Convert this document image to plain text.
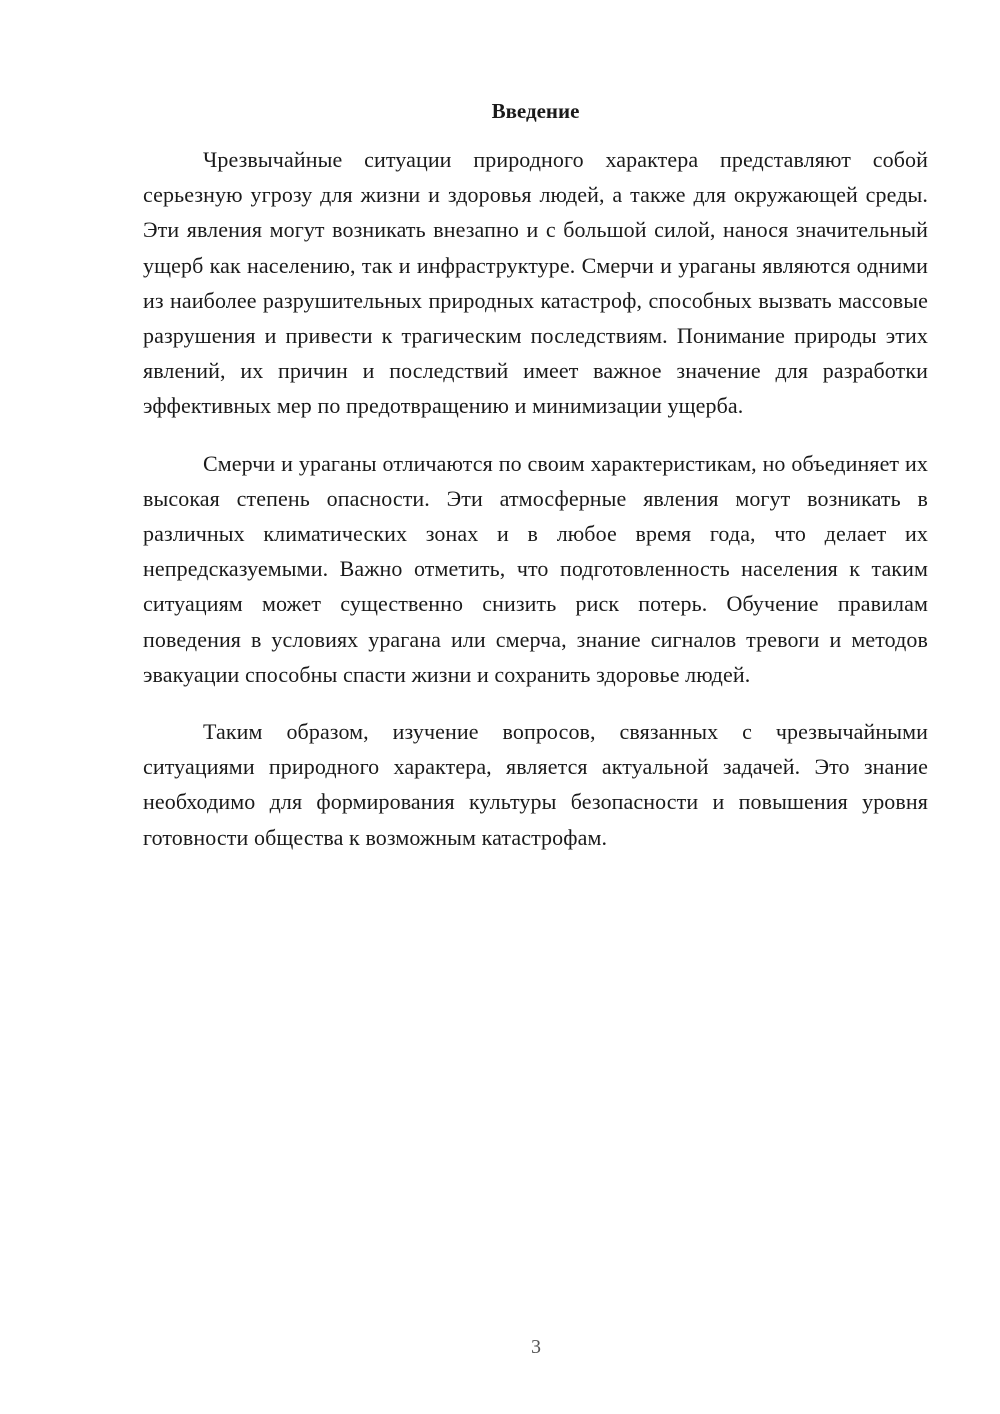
Введение

Чрезвычайные ситуации природного характера представляют собой серьезную угрозу для жизни и здоровья людей, а также для окружающей среды. Эти явления могут возникать внезапно и с большой силой, нанося значительный ущерб как населению, так и инфраструктуре. Смерчи и ураганы являются одними из наиболее разрушительных природных катастроф, способных вызвать массовые разрушения и привести к трагическим последствиям. Понимание природы этих явлений, их причин и последствий имеет важное значение для разработки эффективных мер по предотвращению и минимизации ущерба.

Смерчи и ураганы отличаются по своим характеристикам, но объединяет их высокая степень опасности. Эти атмосферные явления могут возникать в различных климатических зонах и в любое время года, что делает их непредсказуемыми. Важно отметить, что подготовленность населения к таким ситуациям может существенно снизить риск потерь. Обучение правилам поведения в условиях урагана или смерча, знание сигналов тревоги и методов эвакуации способны спасти жизни и сохранить здоровье людей.

Таким образом, изучение вопросов, связанных с чрезвычайными ситуациями природного характера, является актуальной задачей. Это знание необходимо для формирования культуры безопасности и повышения уровня готовности общества к возможным катастрофам.

3
